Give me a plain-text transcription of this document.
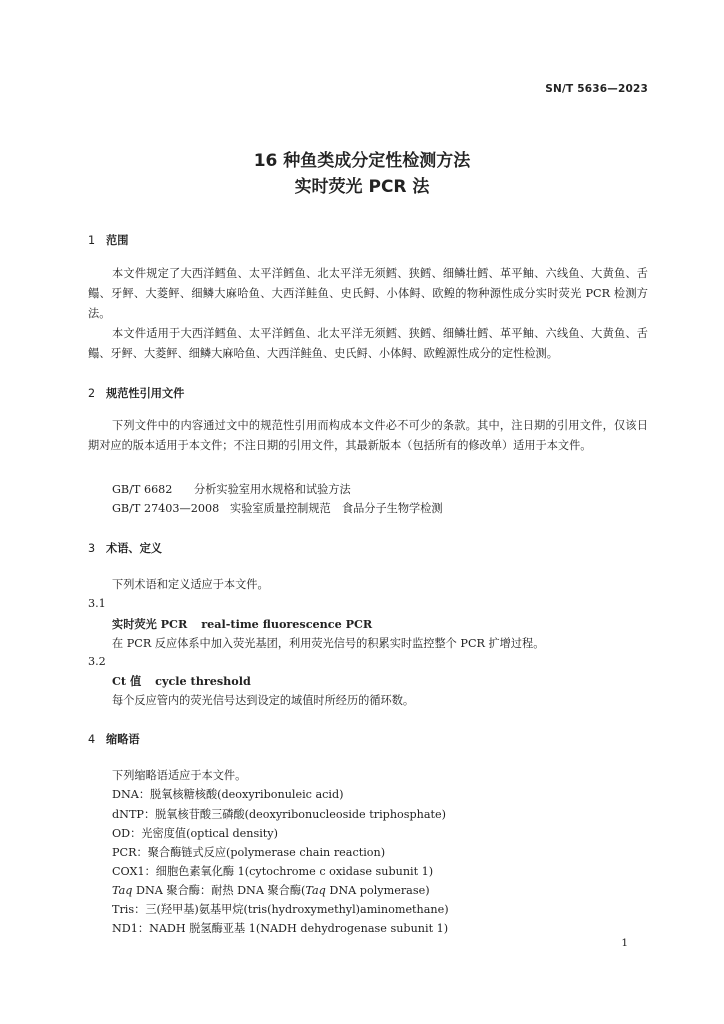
SN/T 5636—2023
16 种鱼类成分定性检测方法
实时荧光 PCR 法
1 范围
本文件规定了大西洋鳕鱼、太平洋鳕鱼、北太平洋无须鳕、狭鳕、细鳞壮鳕、革平鲉、六线鱼、大黄鱼、舌鳎、牙鲆、大菱鲆、细鳞大麻哈鱼、大西洋鲑鱼、史氏鲟、小体鲟、欧鳇的物种源性成分实时荧光 PCR 检测方法。
本文件适用于大西洋鳕鱼、太平洋鳕鱼、北太平洋无须鳕、狭鳕、细鳞壮鳕、革平鲉、六线鱼、大黄鱼、舌鳎、牙鲆、大菱鲆、细鳞大麻哈鱼、大西洋鲑鱼、史氏鲟、小体鲟、欧鳇源性成分的定性检测。
2 规范性引用文件
下列文件中的内容通过文中的规范性引用而构成本文件必不可少的条款。其中，注日期的引用文件，仅该日期对应的版本适用于本文件；不注日期的引用文件，其最新版本（包括所有的修改单）适用于本文件。
GB/T 6682 分析实验室用水规格和试验方法
GB/T 27403—2008 实验室质量控制规范　食品分子生物学检测
3 术语、定义
下列术语和定义适应于本文件。
3.1
实时荧光 PCR real-time fluorescence PCR
在 PCR 反应体系中加入荧光基团，利用荧光信号的积累实时监控整个 PCR 扩增过程。
3.2
Ct 值 cycle threshold
每个反应管内的荧光信号达到设定的域值时所经历的循环数。
4 缩略语
下列缩略语适应于本文件。
DNA：脱氧核糖核酸(deoxyribonuleic acid)
dNTP：脱氧核苷酸三磷酸(deoxyribonucleoside triphosphate)
OD：光密度值(optical density)
PCR：聚合酶链式反应(polymerase chain reaction)
COX1：细胞色素氧化酶 1(cytochrome c oxidase subunit 1)
Taq DNA 聚合酶：耐热 DNA 聚合酶(Taq DNA polymerase)
Tris：三(羟甲基)氨基甲烷(tris(hydroxymethyl)aminomethane)
ND1：NADH 脱氢酶亚基 1(NADH dehydrogenase subunit 1)
1
